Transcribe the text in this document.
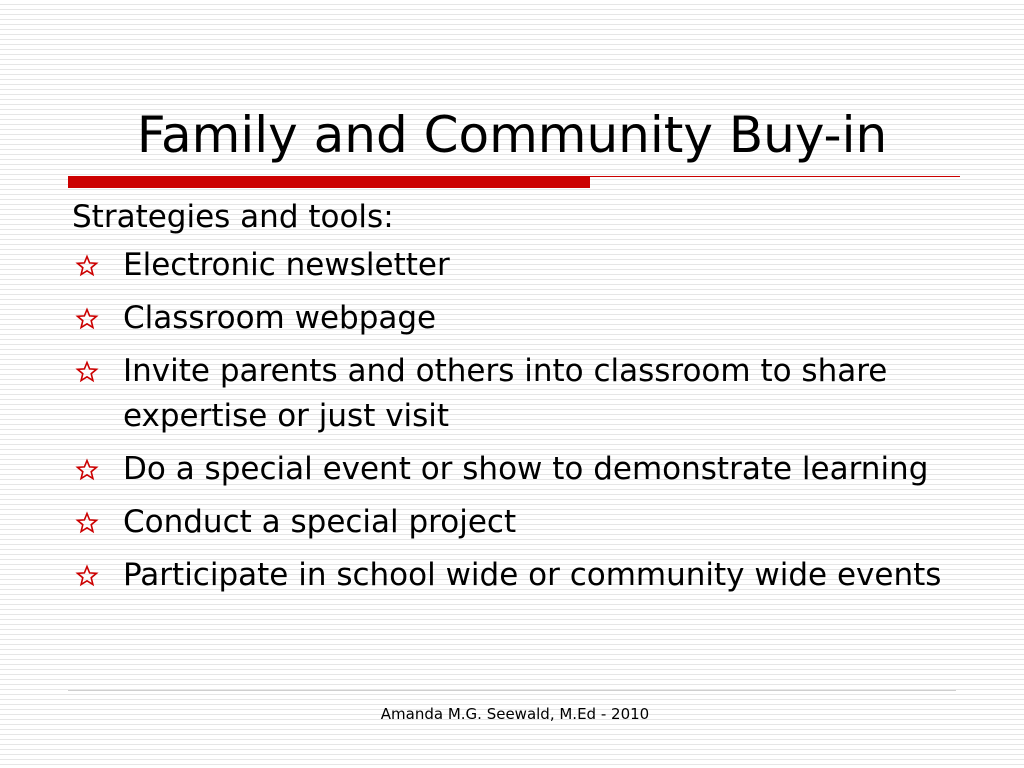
Family and Community Buy-in

Strategies and tools:

Electronic newsletter
Classroom webpage
Invite parents and others into classroom to share expertise or just visit
Do a special event or show to demonstrate learning
Conduct a special project
Participate in school wide or community wide events
Amanda M.G. Seewald, M.Ed - 2010
